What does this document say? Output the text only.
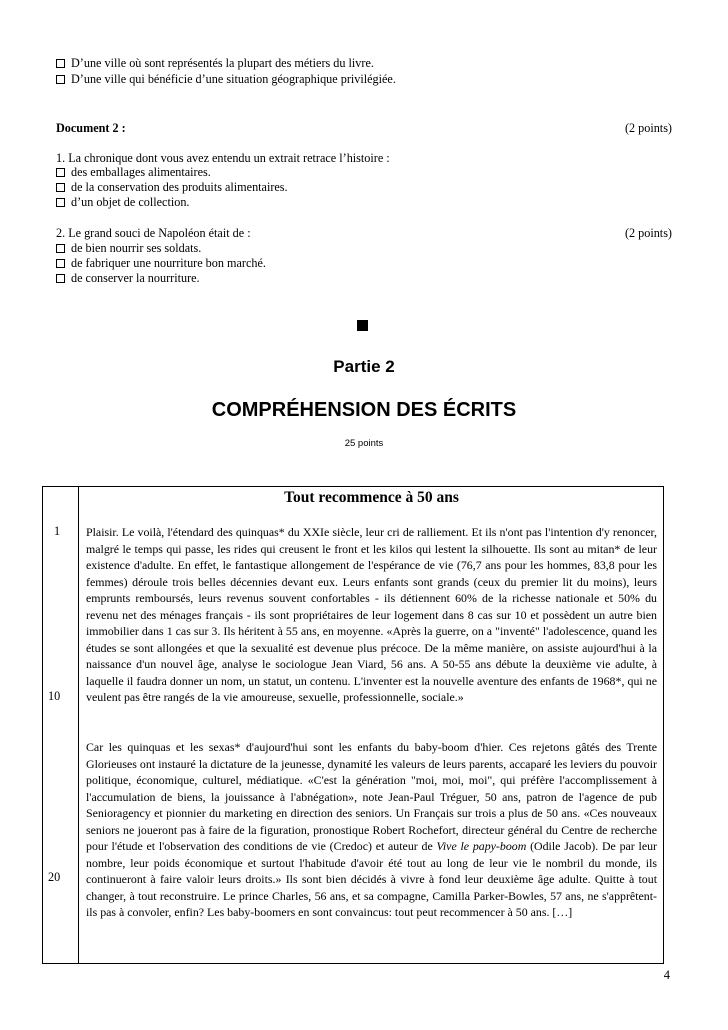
D’une ville où sont représentés la plupart des métiers du livre.
D’une ville qui bénéficie d’une situation géographique privilégiée.
Document 2 :	(2 points)
1. La chronique dont vous avez entendu un extrait retrace l’histoire :
des emballages alimentaires.
de la conservation des produits alimentaires.
d’un objet de collection.
2. Le grand souci de Napoléon était de :	(2 points)
de bien nourrir ses soldats.
de fabriquer une nourriture bon marché.
de conserver la nourriture.
Partie 2
COMPRÉHENSION DES ÉCRITS
25 points
Tout recommence à 50 ans
1
10
20
Plaisir. Le voilà, l'étendard des quinquas* du XXIe siècle, leur cri de ralliement. Et ils n'ont pas l'intention d'y renoncer, malgré le temps qui passe, les rides qui creusent le front et les kilos qui lestent la silhouette. Ils sont au mitan* de leur existence d'adulte. En effet, le fantastique allongement de l'espérance de vie (76,7 ans pour les hommes, 83,8 pour les femmes) déroule trois belles décennies devant eux. Leurs enfants sont grands (ceux du premier lit du moins), leurs emprunts remboursés, leurs revenus souvent confortables - ils détiennent 60% de la richesse nationale et 50% du revenu net des ménages français - ils sont propriétaires de leur logement dans 8 cas sur 10 et possèdent un autre bien immobilier dans 1 cas sur 3. Ils héritent à 55 ans, en moyenne. «Après la guerre, on a "inventé" l'adolescence, quand les études se sont allongées et que la sexualité est devenue plus précoce. De la même manière, on assiste aujourd'hui à la naissance d'un nouvel âge, analyse le sociologue Jean Viard, 56 ans. A 50-55 ans débute la deuxième vie adulte, à laquelle il faudra donner un nom, un statut, un contenu. L'inventer est la nouvelle aventure des enfants de 1968*, qui ne veulent pas être rangés de la vie amoureuse, sexuelle, professionnelle, sociale.»
Car les quinquas et les sexas* d'aujourd'hui sont les enfants du baby-boom d'hier. Ces rejetons gâtés des Trente Glorieuses ont instauré la dictature de la jeunesse, dynamité les valeurs de leurs parents, accaparé les leviers du pouvoir politique, économique, culturel, médiatique. «C'est la génération "moi, moi, moi", qui préfère l'accomplissement à l'accumulation de biens, la jouissance à l'abnégation», note Jean-Paul Tréguer, 50 ans, patron de l'agence de pub Senioragency et pionnier du marketing en direction des seniors. Un Français sur trois a plus de 50 ans. «Ces nouveaux seniors ne joueront pas à faire de la figuration, pronostique Robert Rochefort, directeur général du Centre de recherche pour l'étude et l'observation des conditions de vie (Credoc) et auteur de Vive le papy-boom (Odile Jacob). De par leur nombre, leur poids économique et surtout l'habitude d'avoir été tout au long de leur vie le nombril du monde, ils continueront à faire valoir leurs droits.» Ils sont bien décidés à vivre à fond leur deuxième âge adulte. Quitte à tout changer, à tout reconstruire. Le prince Charles, 56 ans, et sa compagne, Camilla Parker-Bowles, 57 ans, ne s'apprêtent-ils pas à convoler, enfin? Les baby-boomers en sont convaincus: tout peut recommencer à 50 ans. […]
4
